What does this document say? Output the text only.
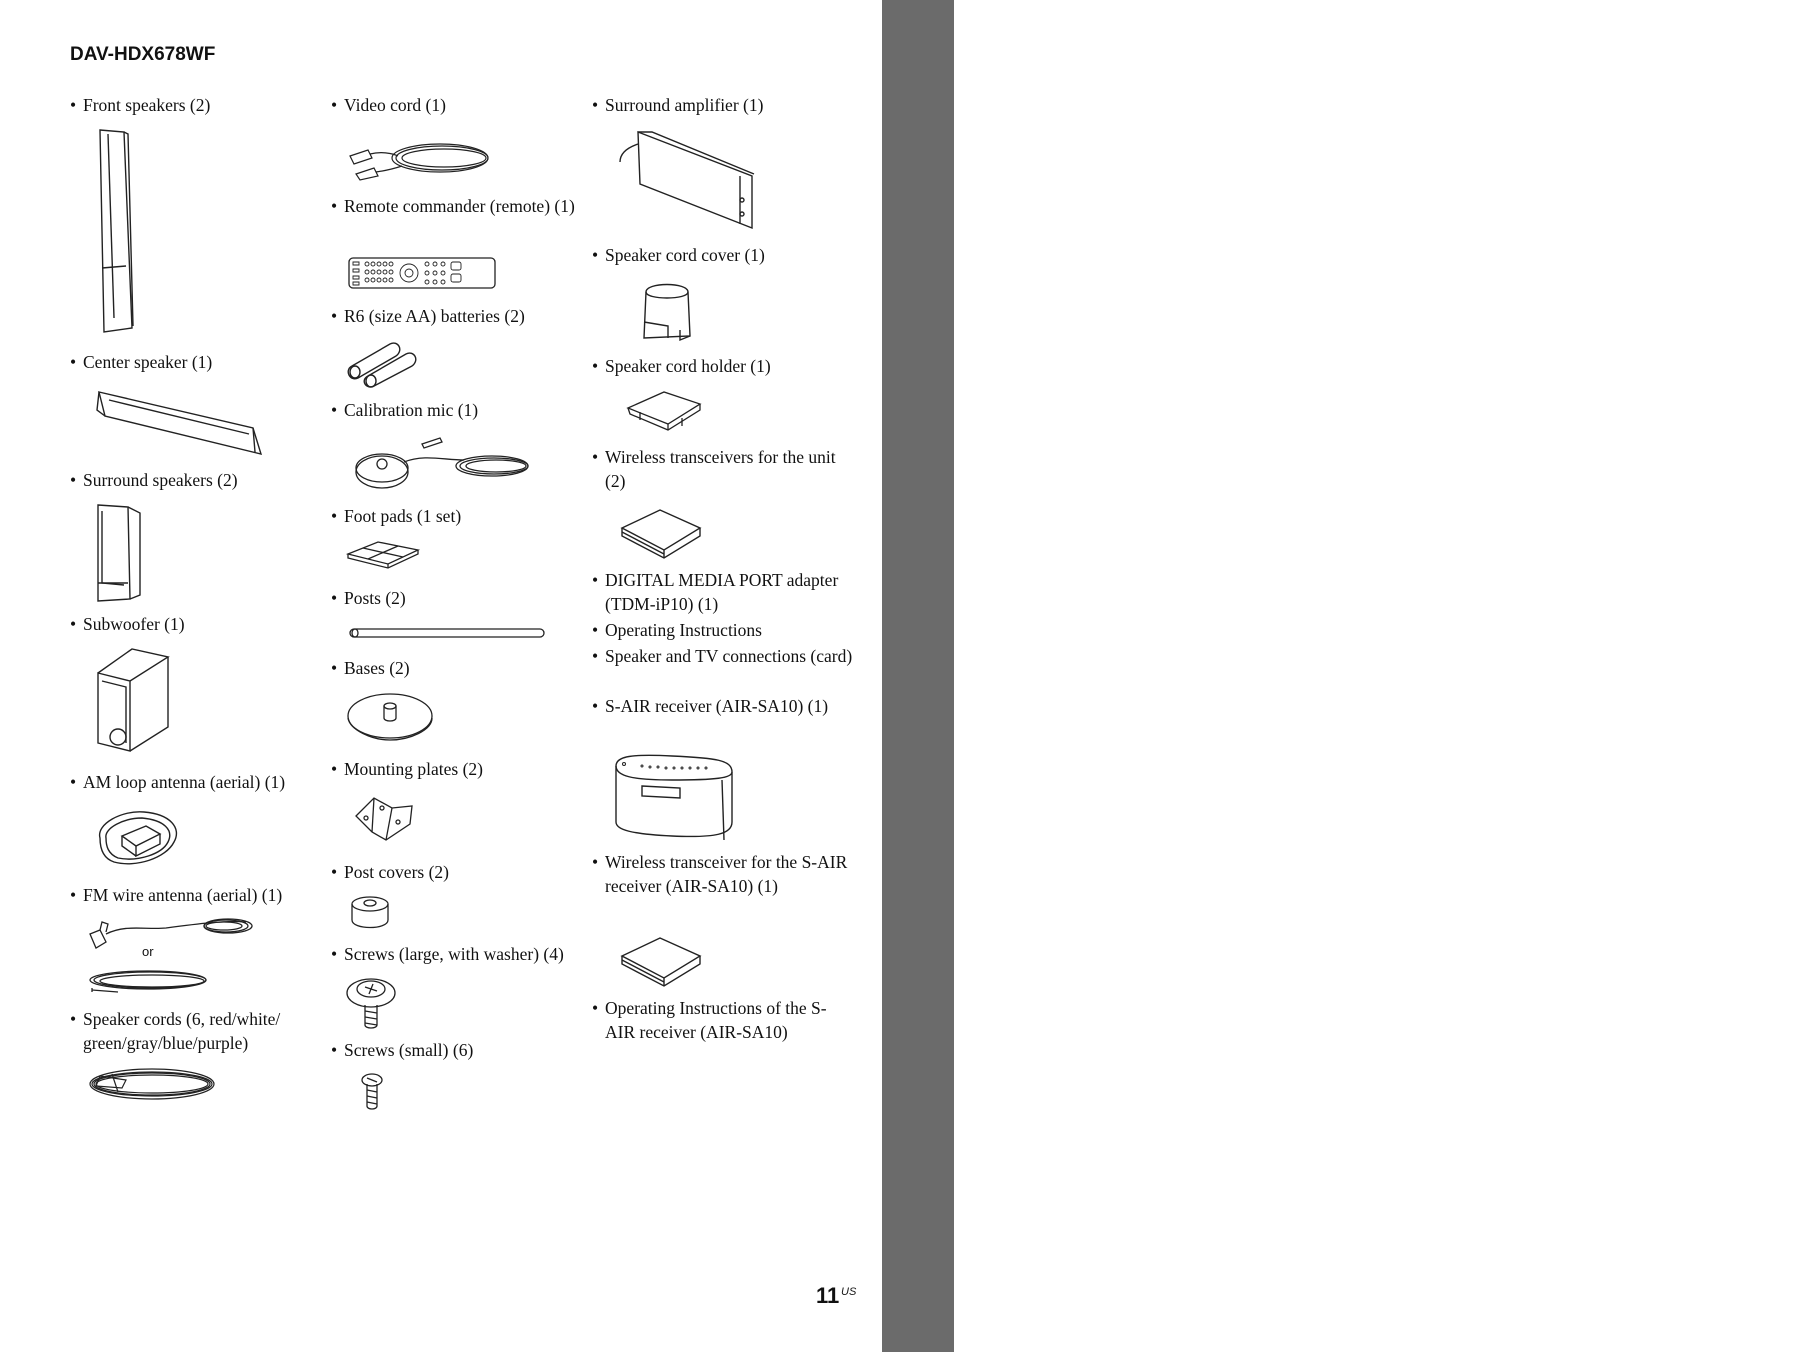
Getting Started
DAV-HDX678WF
• Front speakers (2)
• Center speaker (1)
• Surround speakers (2)
• Subwoofer (1)
• AM loop antenna (aerial) (1)
• FM wire antenna (aerial) (1)
or
• Speaker cords (6, red/white/ green/gray/blue/purple)
• Video cord (1)
• Remote commander (remote) (1)
• R6 (size AA) batteries (2)
• Calibration mic (1)
• Foot pads (1 set)
• Posts (2)
• Bases (2)
• Mounting plates (2)
• Post covers (2)
• Screws (large, with washer) (4)
• Screws (small) (6)
• Surround amplifier (1)
• Speaker cord cover (1)
• Speaker cord holder (1)
• Wireless transceivers for the unit (2)
• DIGITAL MEDIA PORT adapter (TDM-iP10) (1)
• Operating Instructions
• Speaker and TV connections (card)
• S-AIR receiver (AIR-SA10) (1)
• Wireless transceiver for the S-AIR receiver (AIR-SA10) (1)
• Operating Instructions of the S-AIR receiver (AIR-SA10)
11 US
